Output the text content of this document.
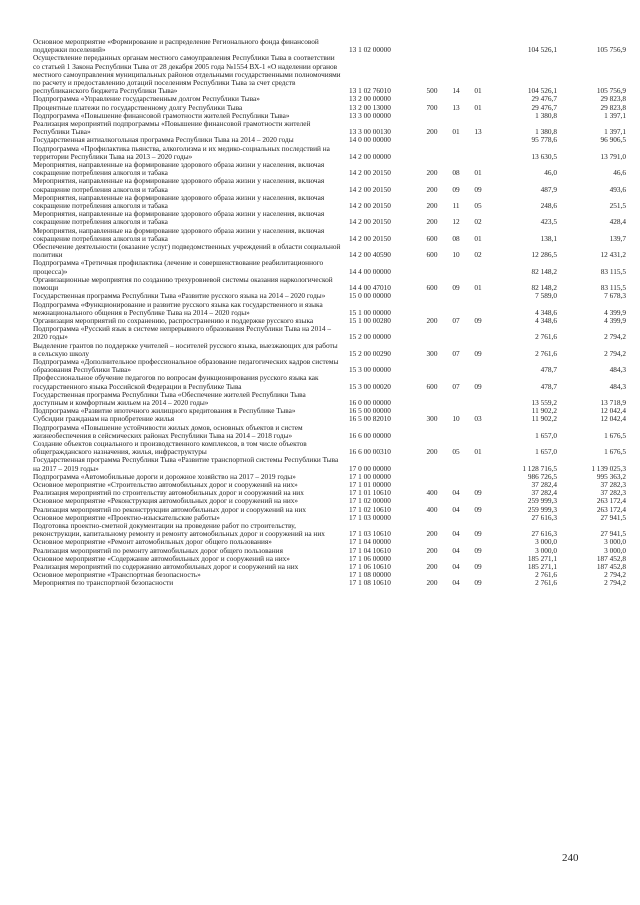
Основное мероприятие «Формирование и распределение Регионального фонда финансовой поддержки поселений»	13 1 02 00000				104 526,1	105 756,9
Осуществление переданных органам местного самоуправления Республики Тыва в соответствии со статьей 1 Закона Республики Тыва от 28 декабря 2005 года №1554 ВХ-1 «О наделении органов местного самоуправления муниципальных районов отдельными государственными полномочиями по расчету и предоставлению дотаций поселениям Республики Тыва за счет средств республиканского бюджета Республики Тыва»	13 1 02 76010	500	14	01	104 526,1	105 756,9
Подпрограмма «Управление государственным долгом Республики Тыва»	13 2 00 00000				29 476,7	29 823,8
Процентные платежи по государственному долгу Республики Тыва	13 2 00 13000	700	13	01	29 476,7	29 823,8
Подпрограмма «Повышение финансовой грамотности жителей Республики Тыва»	13 3 00 00000				1 380,8	1 397,1
Реализация мероприятий подпрограммы «Повышение финансовой грамотности жителей Республики Тыва»	13 3 00 00130	200	01	13	1 380,8	1 397,1
Государственная антиалкогольная программа Республики Тыва на 2014 – 2020 годы	14 0 00 00000				95 778,6	96 906,5
Подпрограмма «Профилактика пьянства, алкоголизма и их медико-социальных последствий на территории Республики Тыва на 2013 – 2020 годы»	14 2 00 00000				13 630,5	13 791,0
Мероприятия, направленные на формирование здорового образа жизни у населения, включая сокращение потребления алкоголя и табака	14 2 00 20150	200	08	01	46,0	46,6
Мероприятия, направленные на формирование здорового образа жизни у населения, включая сокращение потребления алкоголя и табака	14 2 00 20150	200	09	09	487,9	493,6
Мероприятия, направленные на формирование здорового образа жизни у населения, включая сокращение потребления алкоголя и табака	14 2 00 20150	200	11	05	248,6	251,5
Мероприятия, направленные на формирование здорового образа жизни у населения, включая сокращение потребления алкоголя и табака	14 2 00 20150	200	12	02	423,5	428,4
Мероприятия, направленные на формирование здорового образа жизни у населения, включая сокращение потребления алкоголя и табака	14 2 00 20150	600	08	01	138,1	139,7
Обеспечение деятельности (оказание услуг) подведомственных учреждений в области социальной политики	14 2 00 40590	600	10	02	12 286,5	12 431,2
Подпрограмма «Третичная профилактика (лечение и совершенствование реабилитационного процесса)»	14 4 00 00000				82 148,2	83 115,5
Организационные мероприятия по созданию трехуровневой системы оказания наркологической помощи	14 4 00 47010	600	09	01	82 148,2	83 115,5
Государственная программа Республики Тыва «Развитие русского языка на 2014 – 2020 годы»	15 0 00 00000				7 589,0	7 678,3
Подпрограмма «Функционирование и развитие русского языка как государственного и языка межнационального общения в Республике Тыва на 2014 – 2020 годы»	15 1 00 00000				4 348,6	4 399,9
Организация мероприятий по сохранению, распространению и поддержке русского языка	15 1 00 00280	200	07	09	4 348,6	4 399,9
Подпрограмма «Русский язык в системе непрерывного образования Республики Тыва на 2014 – 2020 годы»	15 2 00 00000				2 761,6	2 794,2
Выделение грантов по поддержке учителей – носителей русского языка, выезжающих для работы в сельскую школу	15 2 00 00290	300	07	09	2 761,6	2 794,2
Подпрограмма «Дополнительное профессиональное образование педагогических кадров системы образования Республики Тыва»	15 3 00 00000				478,7	484,3
Профессиональное обучение педагогов по вопросам функционирования русского языка как государственного языка Российской Федерации в Республике Тыва	15 3 00 00020	600	07	09	478,7	484,3
Государственная программа Республики Тыва «Обеспечение жителей Республики Тыва доступным и комфортным жильем на 2014 – 2020 годы»	16 0 00 00000				13 559,2	13 718,9
Подпрограмма «Развитие ипотечного жилищного кредитования в Республике Тыва»	16 5 00 00000				11 902,2	12 042,4
Субсидии гражданам на приобретение жилья	16 5 00 82010	300	10	03	11 902,2	12 042,4
Подпрограмма «Повышение устойчивости жилых домов, основных объектов и систем жизнеобеспечения в сейсмических районах Республики Тыва на 2014 – 2018 годы»	16 6 00 00000				1 657,0	1 676,5
Создание объектов социального и производственного комплексов, в том числе объектов общегражданского назначения, жилья, инфраструктуры	16 6 00 00310	200	05	01	1 657,0	1 676,5
Государственная программа Республики Тыва «Развитие транспортной системы Республики Тыва на 2017 – 2019 годы»	17 0 00 00000				1 128 716,5	1 139 025,3
Подпрограмма «Автомобильные дороги и дорожное хозяйство на 2017 – 2019 годы»	17 1 00 00000				986 726,5	995 363,2
Основное мероприятие «Строительство автомобильных дорог и сооружений на них»	17 1 01 00000				37 282,4	37 282,3
Реализация мероприятий по строительству автомобильных дорог и сооружений на них	17 1 01 10610	400	04	09	37 282,4	37 282,3
Основное мероприятие «Реконструкция автомобильных дорог и сооружений на них»	17 1 02 00000				259 999,3	263 172,4
Реализация мероприятий по реконструкции автомобильных дорог и сооружений на них	17 1 02 10610	400	04	09	259 999,3	263 172,4
Основное мероприятие «Проектно-изыскательские работы»	17 1 03 00000				27 616,3	27 941,5
Подготовка проектно-сметной документации на проведение работ по строительству, реконструкции, капитальному ремонту и ремонту автомобильных дорог и сооружений на них	17 1 03 10610	200	04	09	27 616,3	27 941,5
Основное мероприятие «Ремонт автомобильных дорог общего пользования»	17 1 04 00000				3 000,0	3 000,0
Реализация мероприятий по ремонту автомобильных дорог общего пользования	17 1 04 10610	200	04	09	3 000,0	3 000,0
Основное мероприятие «Содержание автомобильных дорог и сооружений на них»	17 1 06 00000				185 271,1	187 452,8
Реализация мероприятий по содержанию автомобильных дорог и сооружений на них	17 1 06 10610	200	04	09	185 271,1	187 452,8
Основное мероприятие «Транспортная безопасность»	17 1 08 00000				2 761,6	2 794,2
Мероприятия по транспортной безопасности	17 1 08 10610	200	04	09	2 761,6	2 794,2
240
